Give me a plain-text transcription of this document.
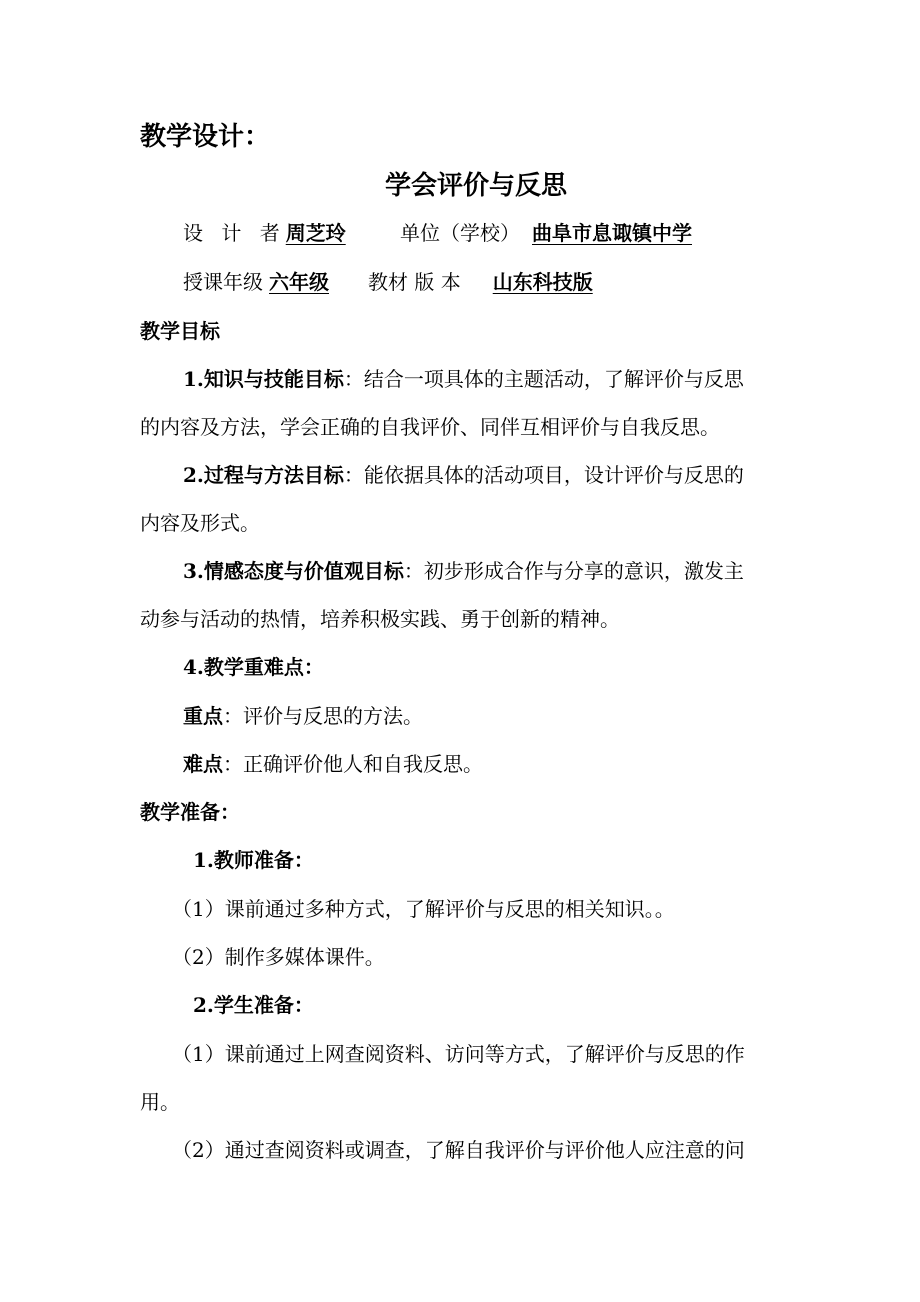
教学设计：
学会评价与反思
设 计 者周芝玲	单位（学校） 曲阜市息诹镇中学
授课年级 六年级	教材 版 本 山东科技版
教学目标
1.知识与技能目标：结合一项具体的主题活动，了解评价与反思
的内容及方法，学会正确的自我评价、同伴互相评价与自我反思。
2.过程与方法目标：能依据具体的活动项目，设计评价与反思的
内容及形式。
3.情感态度与价值观目标：初步形成合作与分享的意识，激发主
动参与活动的热情，培养积极实践、勇于创新的精神。
4.教学重难点：
重点：评价与反思的方法。
难点：正确评价他人和自我反思。
教学准备：
1.教师准备：
（1）课前通过多种方式，了解评价与反思的相关知识。。
（2）制作多媒体课件。
2.学生准备：
（1）课前通过上网查阅资料、访问等方式，了解评价与反思的作
用。
（2）通过查阅资料或调查，了解自我评价与评价他人应注意的问
